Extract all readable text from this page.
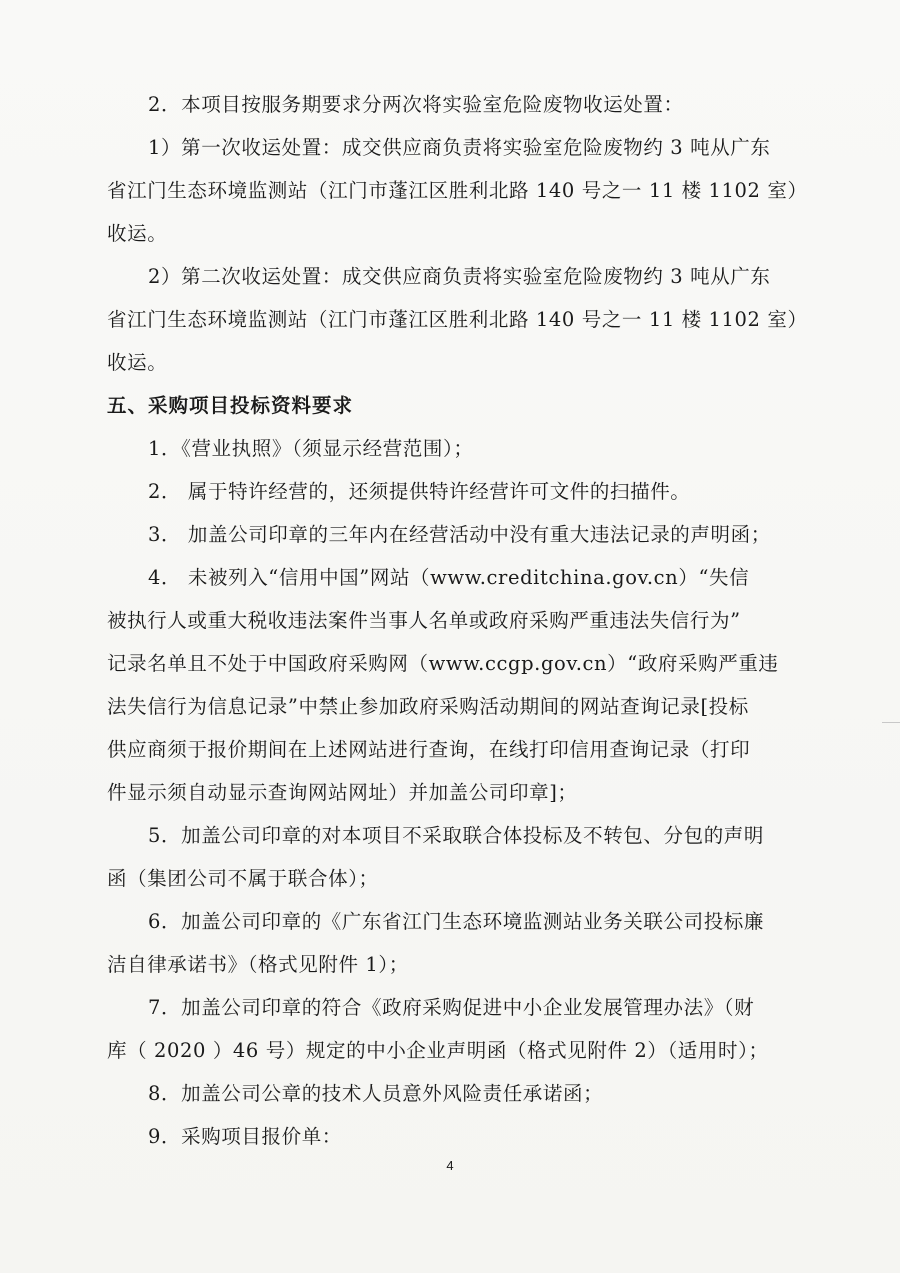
2．本项目按服务期要求分两次将实验室危险废物收运处置：
1）第一次收运处置：成交供应商负责将实验室危险废物约 3 吨从广东
省江门生态环境监测站（江门市蓬江区胜利北路 140 号之一 11 楼 1102 室）
收运。
2）第二次收运处置：成交供应商负责将实验室危险废物约 3 吨从广东
省江门生态环境监测站（江门市蓬江区胜利北路 140 号之一 11 楼 1102 室）
收运。
五、采购项目投标资料要求
1．《营业执照》（须显示经营范围）；
2． 属于特许经营的，还须提供特许经营许可文件的扫描件。
3． 加盖公司印章的三年内在经营活动中没有重大违法记录的声明函；
4． 未被列入“信用中国”网站（www.creditchina.gov.cn）“失信
被执行人或重大税收违法案件当事人名单或政府采购严重违法失信行为”
记录名单且不处于中国政府采购网（www.ccgp.gov.cn）“政府采购严重违
法失信行为信息记录”中禁止参加政府采购活动期间的网站查询记录[投标
供应商须于报价期间在上述网站进行查询，在线打印信用查询记录（打印
件显示须自动显示查询网站网址）并加盖公司印章]；
5．加盖公司印章的对本项目不采取联合体投标及不转包、分包的声明
函（集团公司不属于联合体）；
6．加盖公司印章的《广东省江门生态环境监测站业务关联公司投标廉
洁自律承诺书》（格式见附件 1）；
7．加盖公司印章的符合《政府采购促进中小企业发展管理办法》（财
库（ 2020 ）46 号）规定的中小企业声明函（格式见附件 2）（适用时）；
8．加盖公司公章的技术人员意外风险责任承诺函；
9．采购项目报价单：
4
